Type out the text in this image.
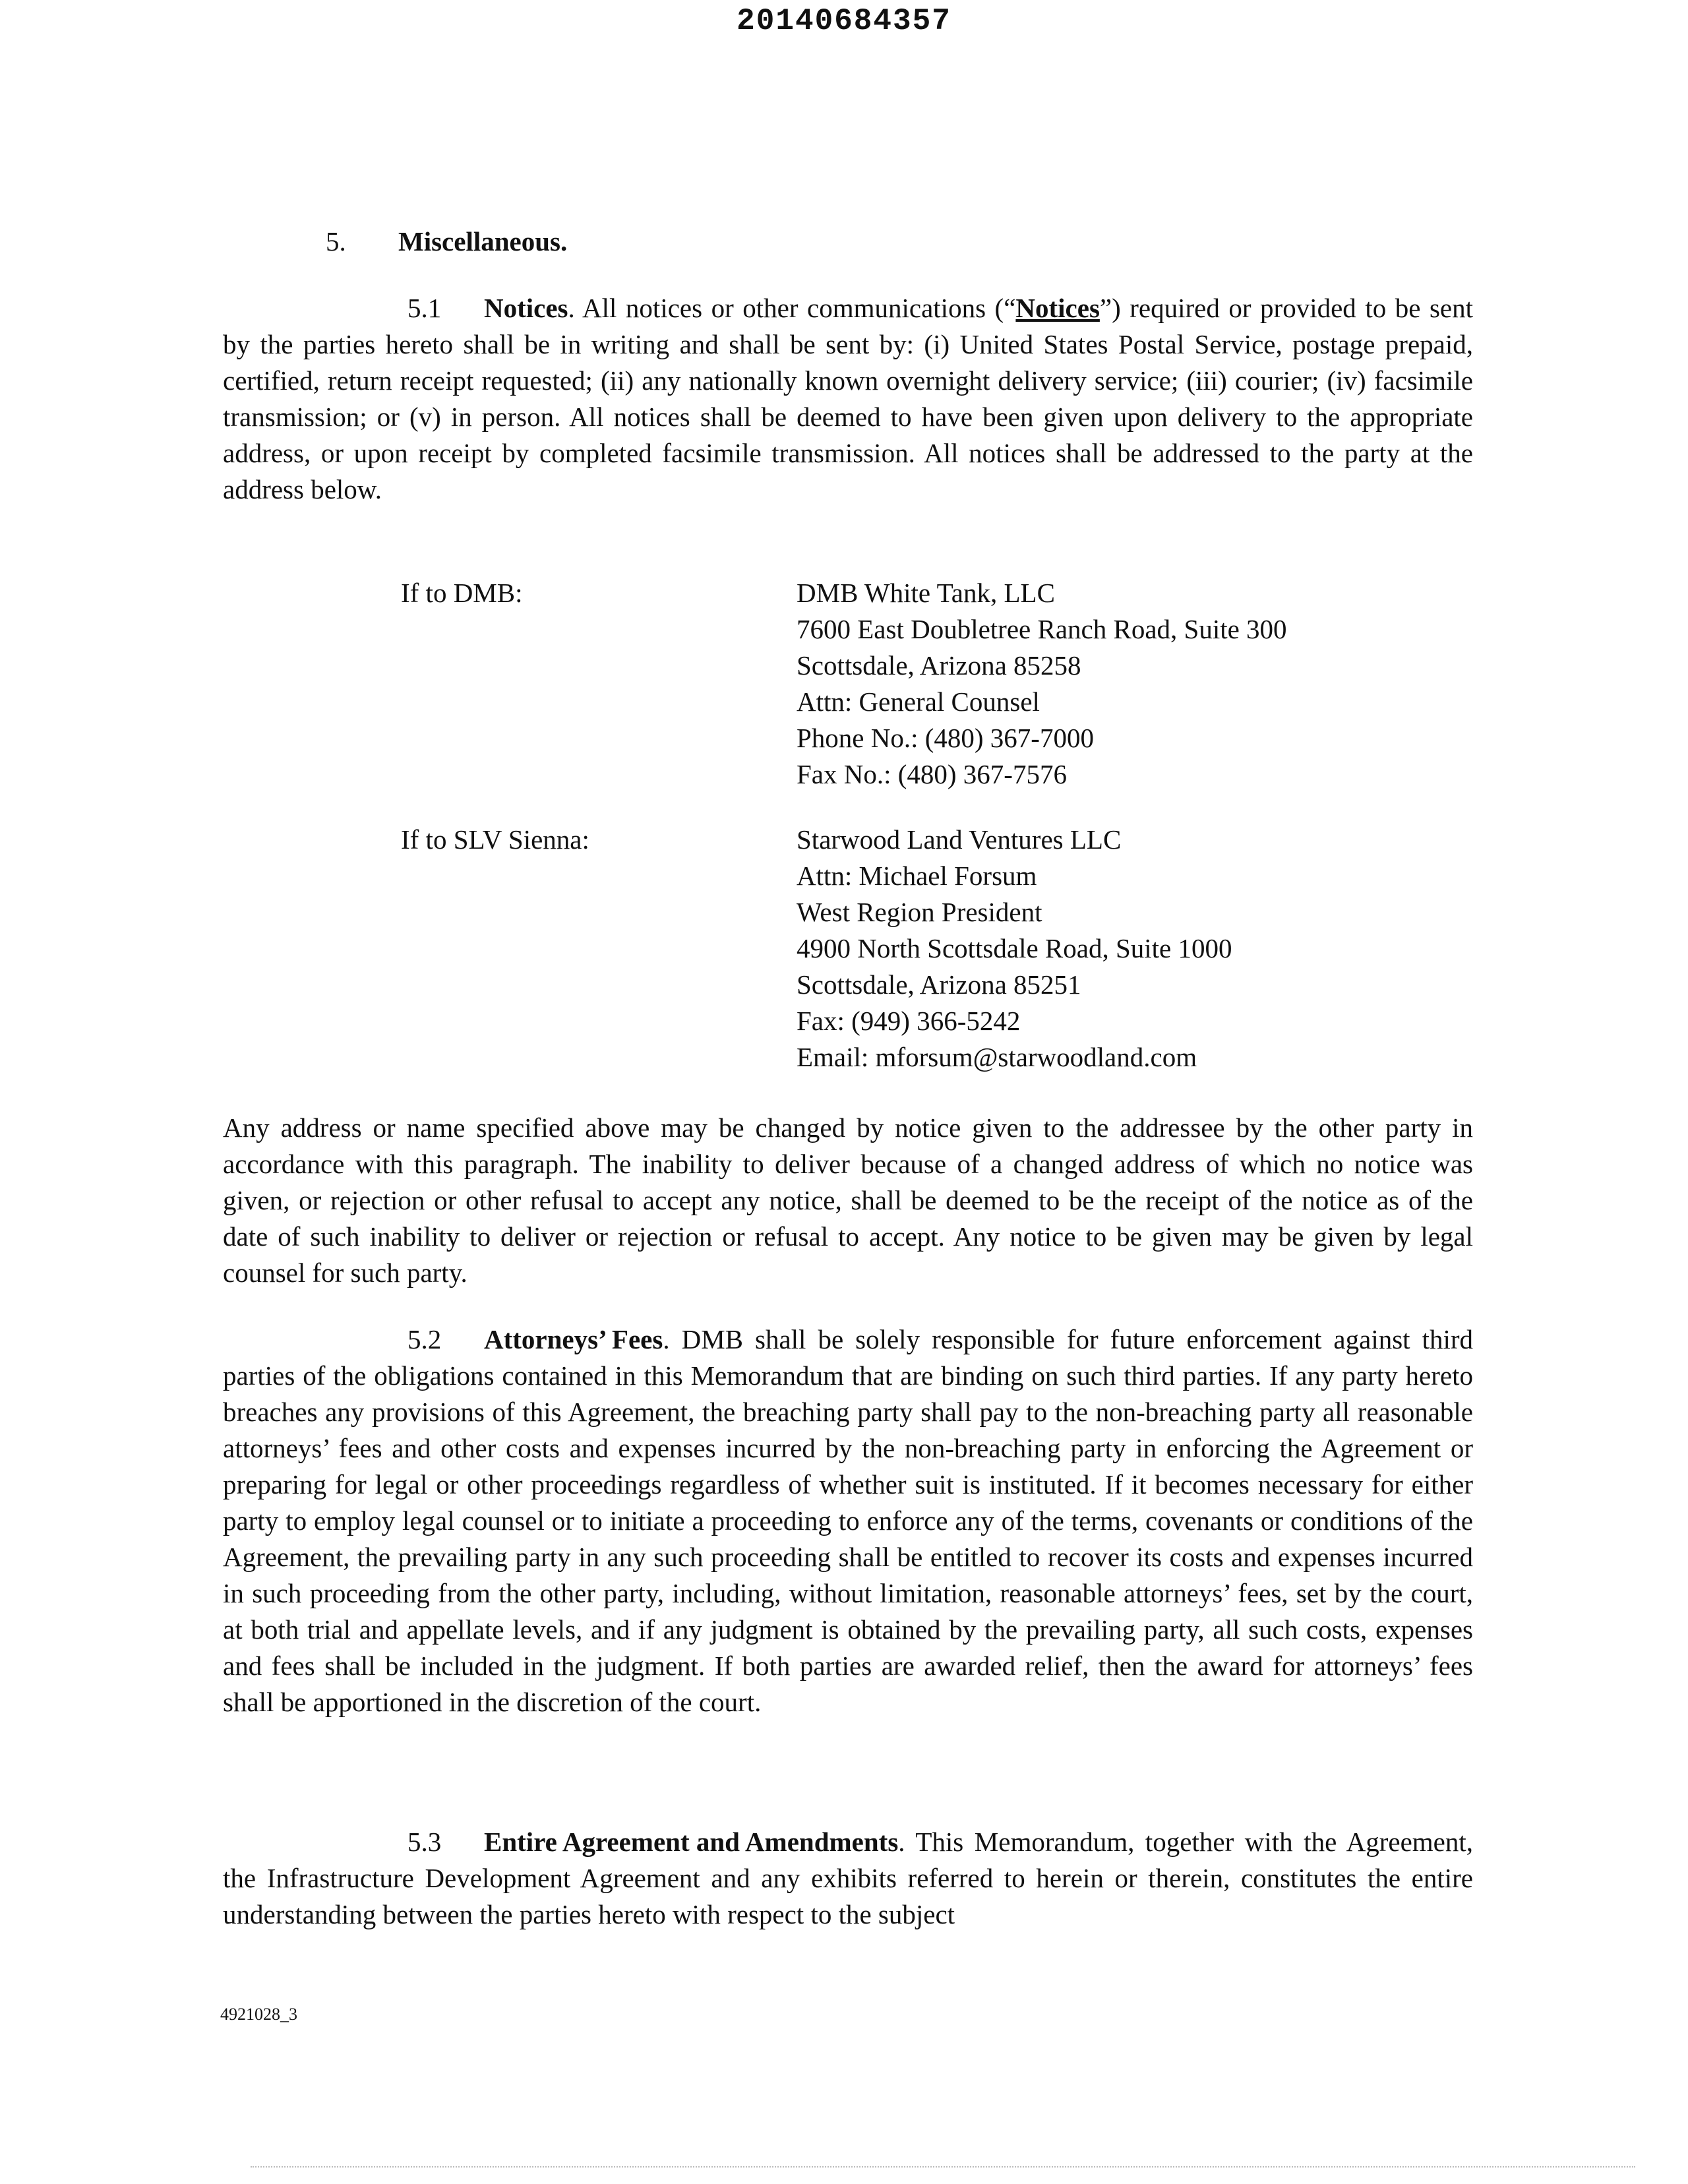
20140684357
5. Miscellaneous.
5.1 Notices. All notices or other communications (“Notices”) required or provided to be sent by the parties hereto shall be in writing and shall be sent by: (i) United States Postal Service, postage prepaid, certified, return receipt requested; (ii) any nationally known overnight delivery service; (iii) courier; (iv) facsimile transmission; or (v) in person. All notices shall be deemed to have been given upon delivery to the appropriate address, or upon receipt by completed facsimile transmission. All notices shall be addressed to the party at the address below.
If to DMB:	DMB White Tank, LLC
7600 East Doubletree Ranch Road, Suite 300
Scottsdale, Arizona 85258
Attn: General Counsel
Phone No.: (480) 367-7000
Fax No.: (480) 367-7576
If to SLV Sienna:	Starwood Land Ventures LLC
Attn: Michael Forsum
West Region President
4900 North Scottsdale Road, Suite 1000
Scottsdale, Arizona 85251
Fax: (949) 366-5242
Email: mforsum@starwoodland.com
Any address or name specified above may be changed by notice given to the addressee by the other party in accordance with this paragraph. The inability to deliver because of a changed address of which no notice was given, or rejection or other refusal to accept any notice, shall be deemed to be the receipt of the notice as of the date of such inability to deliver or rejection or refusal to accept. Any notice to be given may be given by legal counsel for such party.
5.2 Attorneys’ Fees. DMB shall be solely responsible for future enforcement against third parties of the obligations contained in this Memorandum that are binding on such third parties. If any party hereto breaches any provisions of this Agreement, the breaching party shall pay to the non-breaching party all reasonable attorneys’ fees and other costs and expenses incurred by the non-breaching party in enforcing the Agreement or preparing for legal or other proceedings regardless of whether suit is instituted. If it becomes necessary for either party to employ legal counsel or to initiate a proceeding to enforce any of the terms, covenants or conditions of the Agreement, the prevailing party in any such proceeding shall be entitled to recover its costs and expenses incurred in such proceeding from the other party, including, without limitation, reasonable attorneys’ fees, set by the court, at both trial and appellate levels, and if any judgment is obtained by the prevailing party, all such costs, expenses and fees shall be included in the judgment. If both parties are awarded relief, then the award for attorneys’ fees shall be apportioned in the discretion of the court.
5.3 Entire Agreement and Amendments. This Memorandum, together with the Agreement, the Infrastructure Development Agreement and any exhibits referred to herein or therein, constitutes the entire understanding between the parties hereto with respect to the subject
4921028_3
